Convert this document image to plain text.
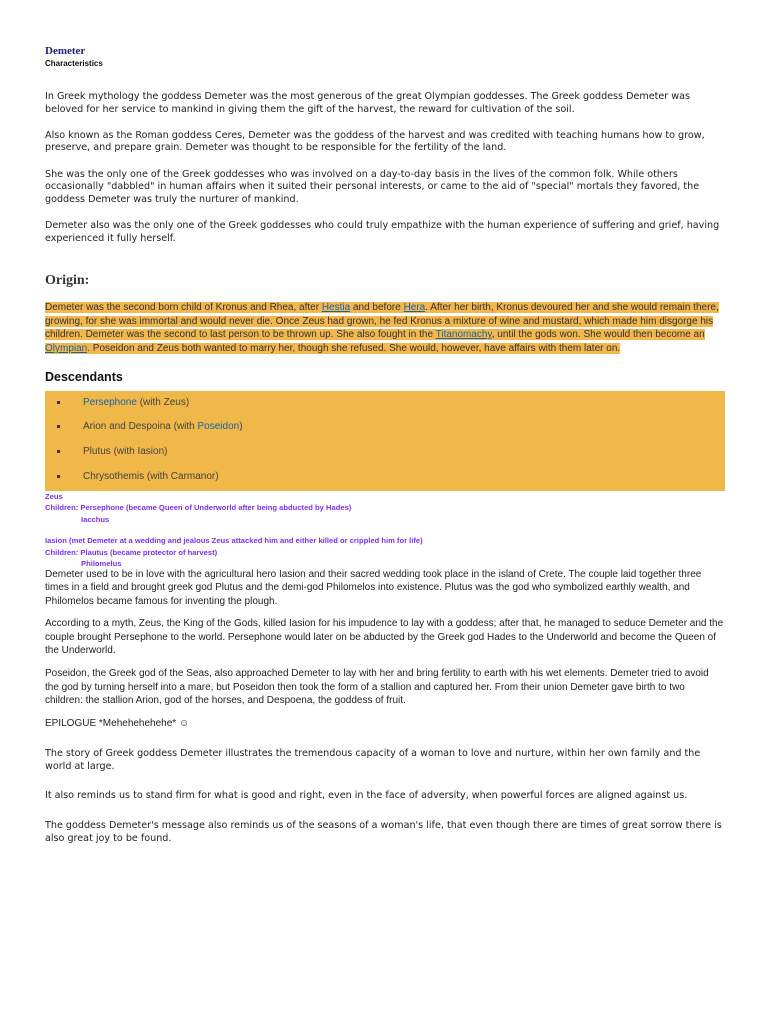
Demeter
Characteristics

In Greek mythology the goddess Demeter was the most generous of the great Olympian goddesses. The Greek goddess Demeter was beloved for her service to mankind in giving them the gift of the harvest, the reward for cultivation of the soil.

Also known as the Roman goddess Ceres, Demeter was the goddess of the harvest and was credited with teaching humans how to grow, preserve, and prepare grain. Demeter was thought to be responsible for the fertility of the land.

She was the only one of the Greek goddesses who was involved on a day-to-day basis in the lives of the common folk. While others occasionally "dabbled" in human affairs when it suited their personal interests, or came to the aid of "special" mortals they favored, the goddess Demeter was truly the nurturer of mankind.

Demeter also was the only one of the Greek goddesses who could truly empathize with the human experience of suffering and grief, having experienced it fully herself.

Origin:

Demeter was the second born child of Kronus and Rhea, after Hestia and before Hera. After her birth, Kronus devoured her and she would remain there, growing, for she was immortal and would never die. Once Zeus had grown, he fed Kronus a mixture of wine and mustard, which made him disgorge his children. Demeter was the second to last person to be thrown up. She also fought in the Titanomachy, until the gods won. She would then become an Olympian. Poseidon and Zeus both wanted to marry her, though she refused. She would, however, have affairs with them later on.

Descendants
Persephone (with Zeus)
Arion and Despoina (with Poseidon)
Plutus (with Iasion)
Chrysothemis (with Carmanor)
Zeus
Children: Persephone (became Queen of Underworld after being abducted by Hades)
Iacchus
Iasion (met Demeter at a wedding and jealous Zeus attacked him and either killed or crippled him for life)
Children: Plautus (became protector of harvest)
Philomelus

Demeter used to be in love with the agricultural hero Iasion and their sacred wedding took place in the island of Crete. The couple laid together three times in a field and brought greek god Plutus and the demi-god Philomelos into existence. Plutus was the god who symbolized earthly wealth, and Philomelos became famous for inventing the plough.

According to a myth, Zeus, the King of the Gods, killed Iasion for his impudence to lay with a goddess; after that, he managed to seduce Demeter and the couple brought Persephone to the world. Persephone would later on be abducted by the Greek god Hades to the Underworld and become the Queen of the Underworld.

Poseidon, the Greek god of the Seas, also approached Demeter to lay with her and bring fertility to earth with his wet elements. Demeter tried to avoid the god by turning herself into a mare, but Poseidon then took the form of a stallion and captured her. From their union Demeter gave birth to two children: the stallion Arion, god of the horses, and Despoena, the goddess of fruit.

EPILOGUE *Mehehehehehe* ☺

The story of Greek goddess Demeter illustrates the tremendous capacity of a woman to love and nurture, within her own family and the world at large.

It also reminds us to stand firm for what is good and right, even in the face of adversity, when powerful forces are aligned against us.

The goddess Demeter's message also reminds us of the seasons of a woman's life, that even though there are times of great sorrow there is also great joy to be found.
